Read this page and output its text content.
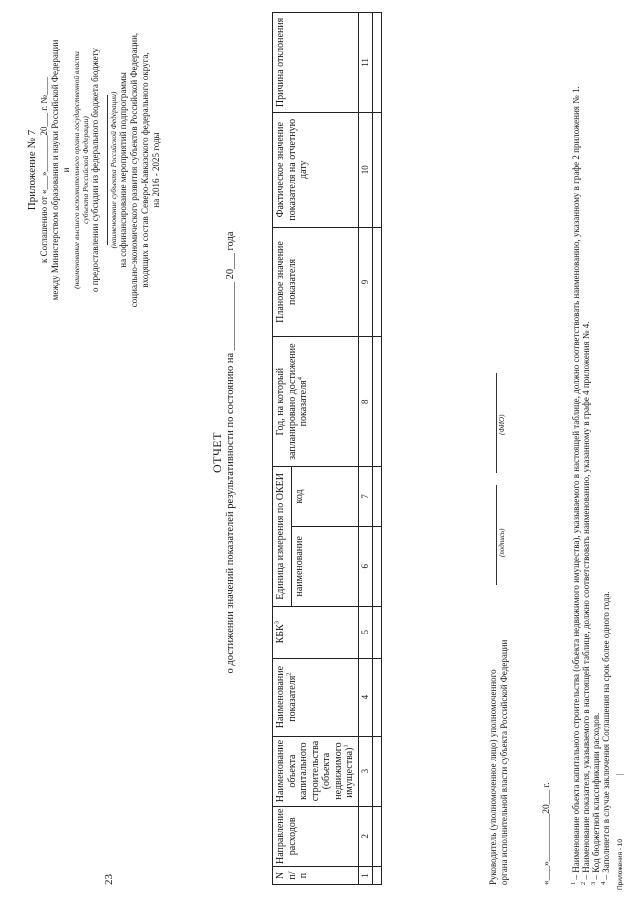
23
Приложение № 7 к Соглашению от «___»________20___ г. №____ между Министерством образования и науки Российской Федерации и (наименование высшего исполнительного органа государственной власти субъекта Российской Федерации) о предоставлении субсидии из федерального бюджета бюджету (наименование субъекта Российской Федерации) на софинансирование мероприятий подпрограммы социально-экономического развития субъектов Российской Федерации, входящих в состав Северо-Кавказского федерального округа, на 2016 - 2025 годы
ОТЧЕТ о достижении значений показателей результативности по состоянию на _____________ 20___ года
N п/п	Направление расходов	Наименование объекта капитального строительства (объекта недвижимого имущества)$^1$	Наименование показателя$^2$	КБК$^3$	Единица измерения по ОКЕИ		Год, на который запланировано достижение показателя$^4$	Плановое значение показателя	Фактическое значение показателя на отчетную дату	Причина отклонения
					наименование	код				
1	2	3	4	5	6	7	8	9	10	11

Руководитель (уполномоченное лицо) уполномоченного органа исполнительной власти субъекта Российской Федерации
(подпись)
(ФИО)
«___»__________20___ г.	$^1$ – Наименование объекта капитального строительства (объекта недвижимого имущества), указываемого в настоящей таблице, должно соответствовать наименованию, указанному в графе 2 приложения № 1.
$^2$ – Наименование показателя, указываемого в настоящей таблице, должно соответствовать наименованию, указанному в графе 4 приложения № 4.
$^3$ – Код бюджетной классификации расходов.
$^4$ – Заполняется в случае заключения Соглашения на срок более одного года. Приложения - 10
|
